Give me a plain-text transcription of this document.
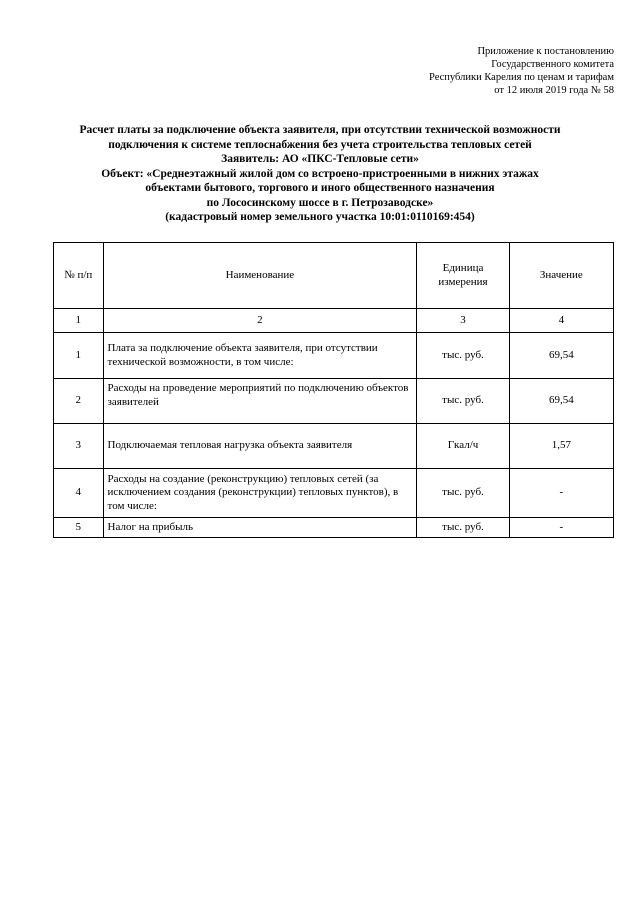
Приложение к постановлению
Государственного комитета
Республики Карелия по ценам и тарифам
от 12 июля 2019 года № 58
Расчет платы за подключение объекта заявителя, при отсутствии технической возможности
подключения к системе теплоснабжения без учета строительства тепловых сетей
Заявитель: АО «ПКС-Тепловые сети»
Объект: «Среднеэтажный жилой дом со встроено-пристроенными в нижних этажах
объектами бытового, торгового и иного общественного назначения
по Лососинскому шоссе в г. Петрозаводске»
(кадастровый номер земельного участка 10:01:0110169:454)
№ п/п	Наименование	Единица измерения	Значение
1	2	3	4
1	Плата за подключение объекта заявителя, при отсутствии технической возможности, в том числе:	тыс. руб.	69,54
2	Расходы на проведение мероприятий по подключению объектов заявителей	тыс. руб.	69,54
3	Подключаемая тепловая нагрузка объекта заявителя	Гкал/ч	1,57
4	Расходы на создание (реконструкцию) тепловых сетей (за исключением создания (реконструкции) тепловых пунктов), в том числе:	тыс. руб.	-
5	Налог на прибыль	тыс. руб.	-
